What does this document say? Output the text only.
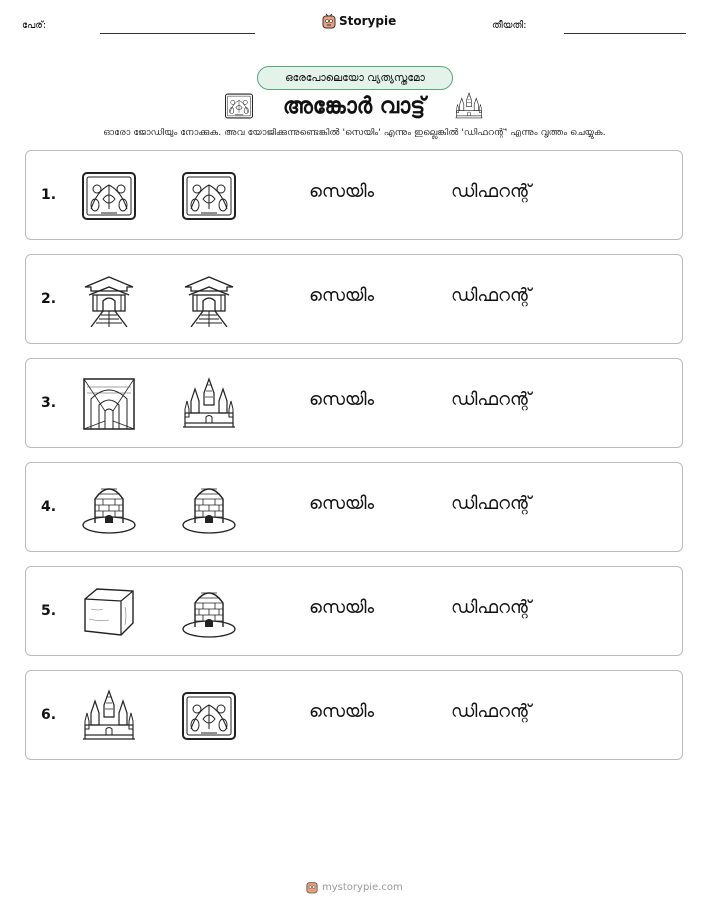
പേര്:	Storypie	തീയതി:
ഒരേപോലെയോ വ്യത്യസ്തമോ
അങ്കോർ വാട്ട്
ഓരോ ജോഡിയും നോക്കുക. അവ യോജിക്കുന്നുണ്ടെങ്കിൽ 'സെയിം' എന്നും ഇല്ലെങ്കിൽ 'ഡിഫറന്റ്' എന്നും വൃത്തം ചെയ്യുക.
1.	സെയിം	ഡിഫറന്റ്
2.	സെയിം	ഡിഫറന്റ്
3.	സെയിം	ഡിഫറന്റ്
4.	സെയിം	ഡിഫറന്റ്
5.	സെയിം	ഡിഫറന്റ്
6.	സെയിം	ഡിഫറന്റ്
mystorypie.com
